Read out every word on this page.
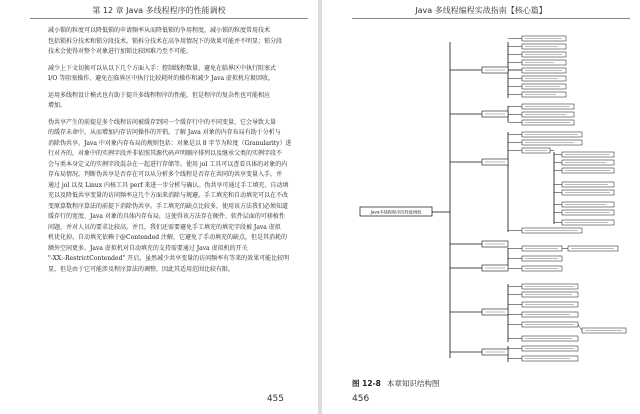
第 12 章 Java 多线程程序的性能调校

减小锁的粒度可以降低锁的申请频率从而降低锁的争用程度，减小锁的粒度常用技术
包括锁拆分技术和锁分段技术。锁拆分技术在高争用情况下的效果可能并不明显；锁分段
技术会使得对整个对象进行加锁比较困难乃至不可能。

减少上下文切换可以从以下几个方面入手：控制线程数量、避免在临界区中执行阻塞式
I/O 等阻塞操作、避免在临界区中执行比较耗时的操作和减少 Java 虚拟机垃圾回收。

运用多线程设计模式也有助于提升多线程程序的性能，但是程序的复杂性也可能相应
增加。

伪共享产生的前提是多个线程访问被缓存到同一个缓存行中的不同变量，它会导致大量
的缓存未命中，从而增加内存访问操作的开销。了解 Java 对象的内存布局有助于分析与
消除伪共享。Java 中对象内存布局的规则包括：对象是以 8 字节为粒度（Granularity）进
行对齐的，对象中的实例字段并非依照其源代码声明顺序排列以及继承父类的实例字段不
会与类本身定义的实例字段混杂在一起进行存储等。使用 jol 工具可以查看具体的对象的内
存布局情况。判断伪共享是否存在可以从分析多个线程是否存在共同的共享变量入手，并
通过 jol 以及 Linux 内核工具 perf 来进一步分析与确认。伪共享可通过手工填充、自动填
充以及降低共享变量的访问频率这几个方面来消除与规避。手工填充和自动填充可以在不改
变原算数程序算法的前提下消除伪共享。手工填充的缺点比较多，使用该方法我们必须知道
缓存行的宽度、Java 对象的具体内存布局，这使得该方法存在硬件、软件层面的可移植性
问题，并对人员的要求比较高。并且，我们还需要避免手工填充的填充字段被 Java 虚拟
机优化掉。自动填充依赖于@Contended 注解，它避免了手动填充的缺点，但是其消耗的
额外空间更多。Java 虚拟机对自动填充的支持需要通过 Java 虚拟机的开关
"-XX:-RestrictContended" 开启。虽然减少共享变量的访问频率有等来的效果可能比较明
显，但是由于它可能涉及程序算法的调整，因此其适用范围比较有限。

455
Java 多线程编程实战指南【核心篇】
Java多线程程序的性能调校
图 12-8 本章知识结构图
456
